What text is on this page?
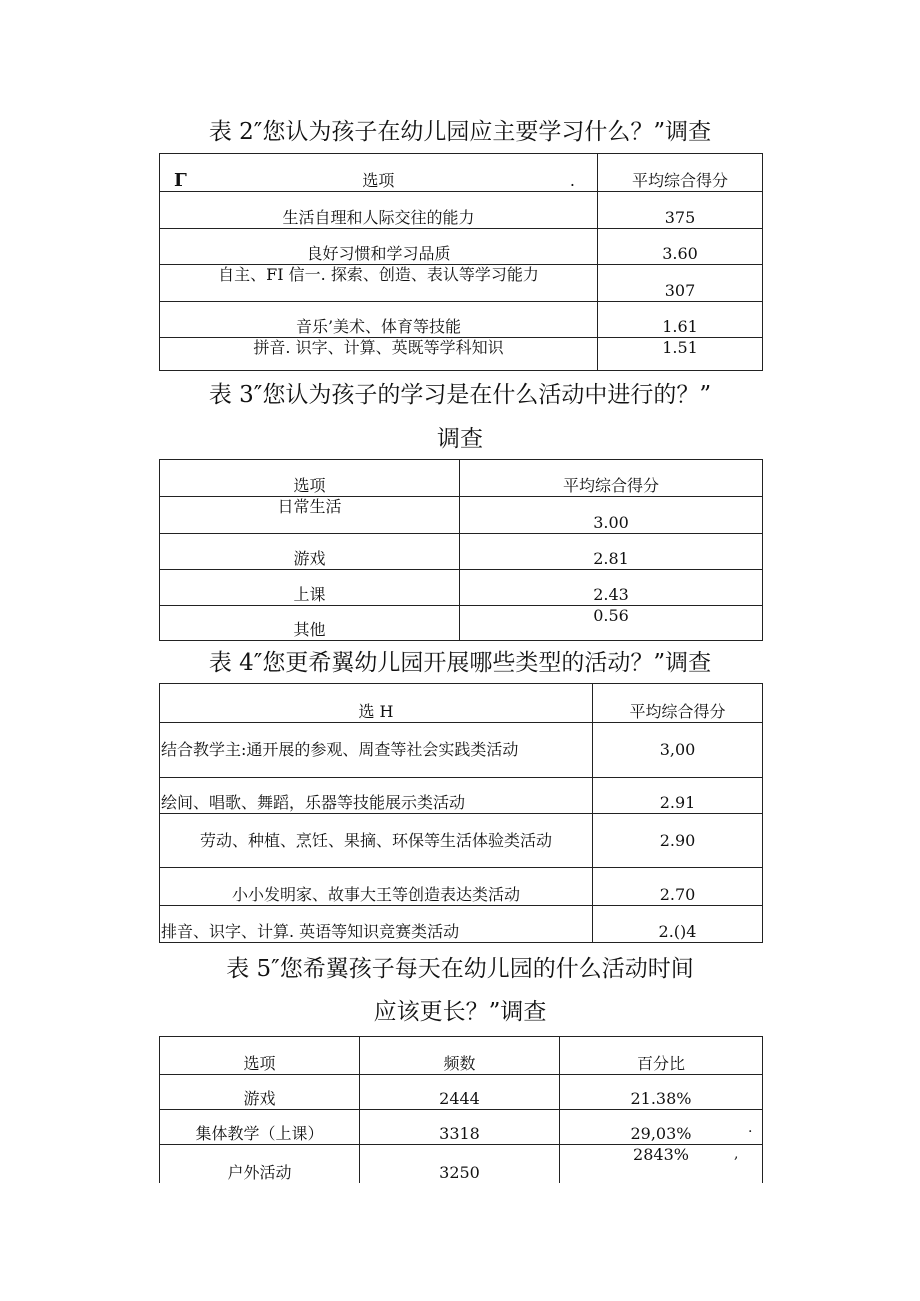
表 2″您认为孩子在幼儿园应主要学习什么？”调查
Γ .
选项	平均综合得分
生活自理和人际交往的能力	375
良好习惯和学习品质	3.60
自主、FI 信一. 探索、创造、表认等学习能力	307
音乐’美术、体育等技能	1.61
拼音. 识字、计算、英既等学科知识	1.51
表 3″您认为孩子的学习是在什么活动中进行的？”
调查
选项	平均综合得分
日常生活	3.00
游戏	2.81
上课	2.43
其他	0.56
表 4″您更希翼幼儿园开展哪些类型的活动？”调查
选 H	平均综合得分
结合教学主:通开展的参观、周查等社会实践类活动	3,00
绘间、唱歌、舞蹈，乐器等技能展示类活动	2.91
劳动、种植、烹饪、果摘、环保等生活体验类活动	2.90
小小发明家、故事大王等创造表达类活动	2.70
排音、识字、计算. 英语等知识竞赛类活动	2.()4
表 5″您希翼孩子每天在幼儿园的什么活动时间
应该更长？”调查
选项	频数	百分比
游戏	2444	21.38%
集体教学（上课）	3318	29,03%
户外活动	3250	2843%
.
,
